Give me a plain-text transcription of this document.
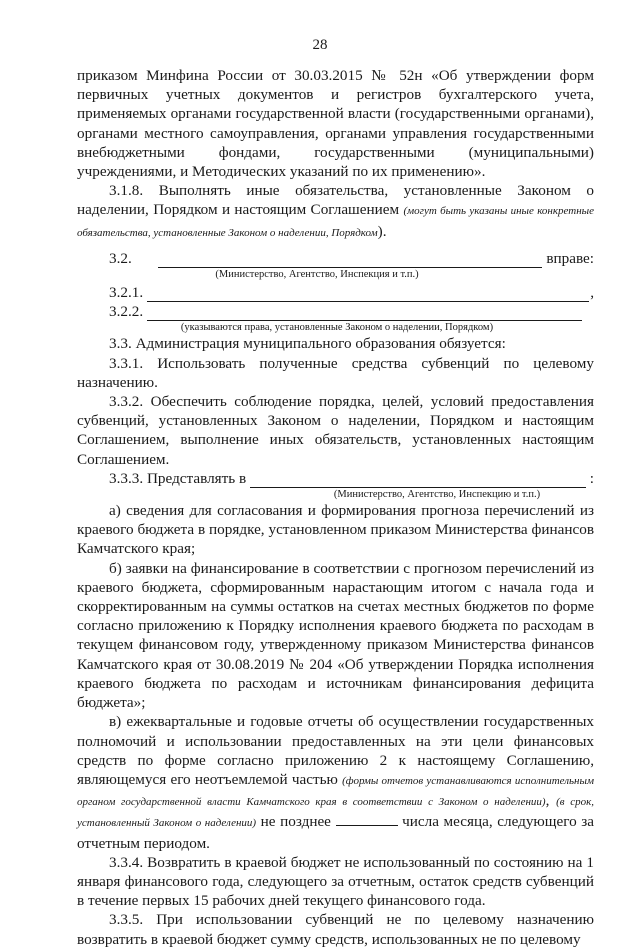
28

приказом Минфина России от 30.03.2015 № 52н «Об утверждении форм первичных учетных документов и регистров бухгалтерского учета, применяемых органами государственной власти (государственными органами), органами местного самоуправления, органами управления государственными внебюджетными фондами, государственными (муниципальными) учреждениями, и Методических указаний по их применению».

3.1.8. Выполнять иные обязательства, установленные Законом о наделении, Порядком и настоящим Соглашением (могут быть указаны иные конкретные обязательства, установленные Законом о наделении, Порядком).

3.2.	вправе:
(Министерство, Агентство, Инспекция и т.п.)
3.2.1.	,
3.2.2.
(указываются права, установленные Законом о наделении, Порядком)

3.3. Администрация муниципального образования обязуется:

3.3.1. Использовать полученные средства субвенций по целевому назначению.

3.3.2. Обеспечить соблюдение порядка, целей, условий предоставления субвенций, установленных Законом о наделении, Порядком и настоящим Соглашением, выполнение иных обязательств, установленных настоящим Соглашением.

3.3.3. Представлять в	:
(Министерство, Агентство, Инспекцию и т.п.)

а) сведения для согласования и формирования прогноза перечислений из краевого бюджета в порядке, установленном приказом Министерства финансов Камчатского края;

б) заявки на финансирование в соответствии с прогнозом перечислений из краевого бюджета, сформированным нарастающим итогом с начала года и скорректированным на суммы остатков на счетах местных бюджетов по форме согласно приложению к Порядку исполнения краевого бюджета по расходам в текущем финансовом году, утвержденному приказом Министерства финансов Камчатского края от 30.08.2019 № 204 «Об утверждении Порядка исполнения краевого бюджета по расходам и источникам финансирования дефицита бюджета»;

в) ежеквартальные и годовые отчеты об осуществлении государственных полномочий и использовании предоставленных на эти цели финансовых средств по форме согласно приложению 2 к настоящему Соглашению, являющемуся его неотъемлемой частью (формы отчетов устанавливаются исполнительным органом государственной власти Камчатского края в соответствии с Законом о наделении), (в срок, установленный Законом о наделении) не позднее	числа месяца, следующего за отчетным периодом.

3.3.4. Возвратить в краевой бюджет не использованный по состоянию на 1 января финансового года, следующего за отчетным, остаток средств субвенций в течение первых 15 рабочих дней текущего финансового года.

3.3.5. При использовании субвенций не по целевому назначению возвратить в краевой бюджет сумму средств, использованных не по целевому
